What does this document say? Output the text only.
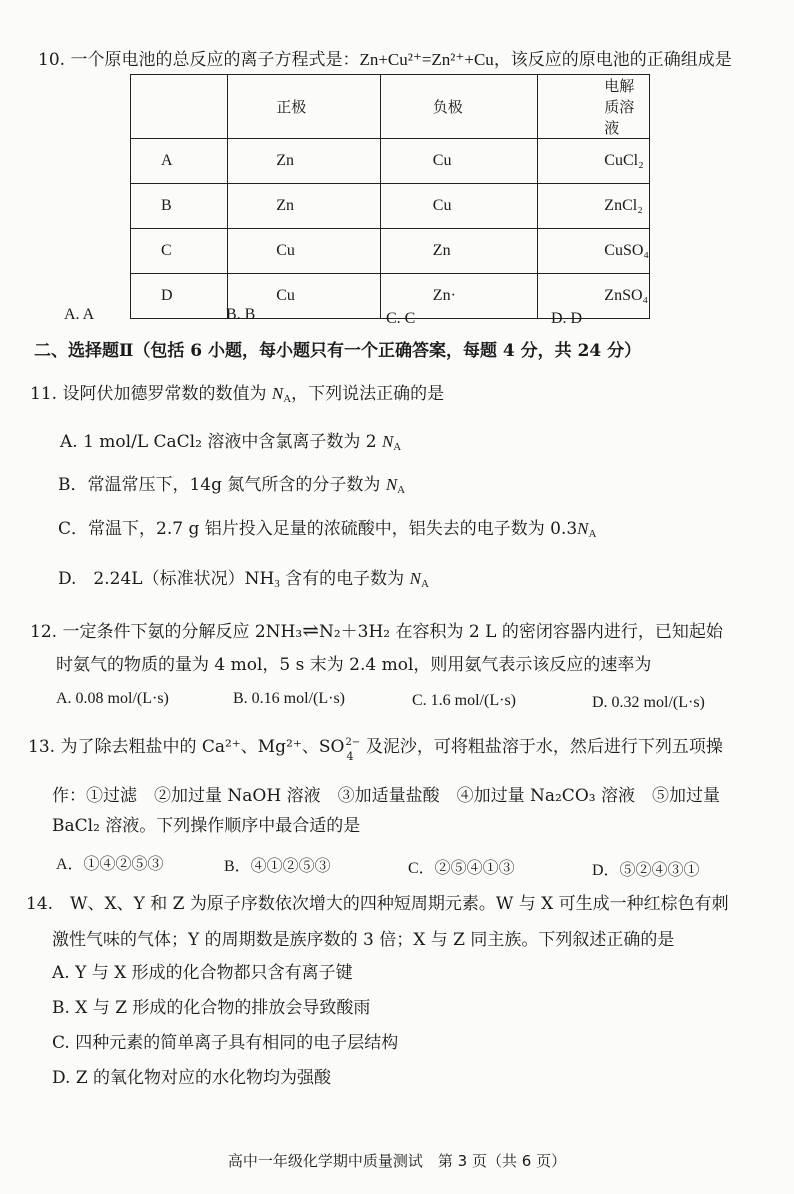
10. 一个原电池的总反应的离子方程式是：Zn+Cu²⁺=Zn²⁺+Cu，该反应的原电池的正确组成是
	正极	负极	电解质溶液
A	Zn	Cu	CuCl₂
B	Zn	Cu	ZnCl₂
C	Cu	Zn	CuSO₄
D	Cu	Zn·	ZnSO₄
A. A	B. B	C. C	D. D
二、选择题Ⅱ（包括 6 小题，每小题只有一个正确答案，每题 4 分，共 24 分）
11. 设阿伏加德罗常数的数值为 $N_A$，下列说法正确的是
A. 1 mol/L CaCl₂ 溶液中含氯离子数为 2 $N_A$
B．常温常压下，14g 氮气所含的分子数为 $N_A$
C．常温下，2.7 g 铝片投入足量的浓硫酸中，铝失去的电子数为 $0.3N_A$
D.　2.24L（标准状况）$NH_3$ 含有的电子数为 $N_A$
12. 一定条件下氨的分解反应 2NH₃⇌N₂＋3H₂ 在容积为 2 L 的密闭容器内进行，已知起始
时氨气的物质的量为 4 mol，5 s 末为 2.4 mol，则用氨气表示该反应的速率为
A. 0.08 mol/(L·s)	B. 0.16 mol/(L·s)	C. 1.6 mol/(L·s)	D. 0.32 mol/(L·s)
13. 为了除去粗盐中的 Ca²⁺、Mg²⁺、SO 2−
4 及泥沙，可将粗盐溶于水，然后进行下列五项操
作：①过滤　②加过量 NaOH 溶液　③加适量盐酸　④加过量 Na₂CO₃ 溶液　⑤加过量
BaCl₂ 溶液。下列操作顺序中最合适的是
A．①④②⑤③	B．④①②⑤③	C．②⑤④①③	D．⑤②④③①
14.　W、X、Y 和 Z 为原子序数依次增大的四种短周期元素。W 与 X 可生成一种红棕色有刺
激性气味的气体；Y 的周期数是族序数的 3 倍；X 与 Z 同主族。下列叙述正确的是
A. Y 与 X 形成的化合物都只含有离子键
B. X 与 Z 形成的化合物的排放会导致酸雨
C. 四种元素的简单离子具有相同的电子层结构
D. Z 的氧化物对应的水化物均为强酸
高中一年级化学期中质量测试　第 3 页（共 6 页）
